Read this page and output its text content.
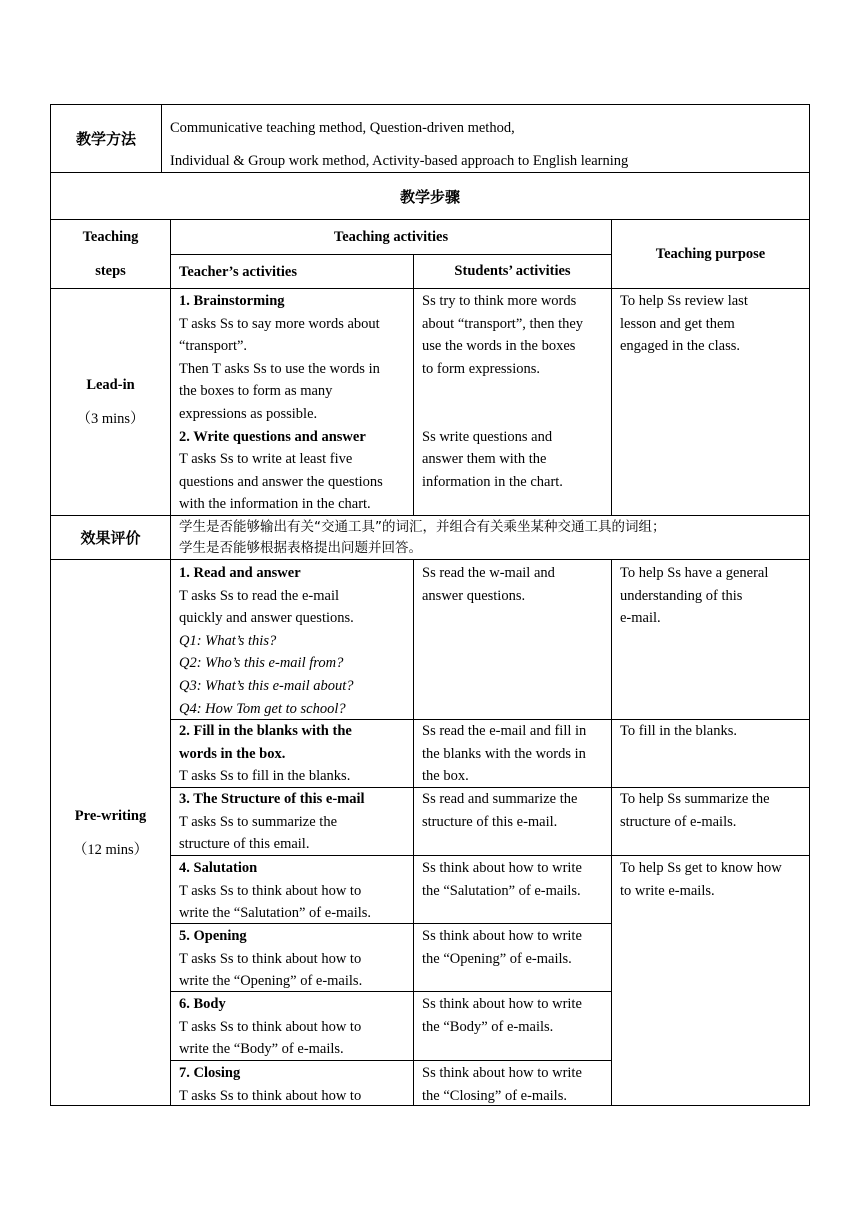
教学方法
Communicative teaching method, Question-driven method,
Individual & Group work method, Activity-based approach to English learning
教学步骤
Teaching
steps
Teaching activities
Teacher’s activities	Students’ activities
Teaching purpose
Lead-in
（3 mins）
1. Brainstorming
T asks Ss to say more words about
“transport”.
Then T asks Ss to use the words in
the boxes to form as many
expressions as possible.
2. Write questions and answer
T asks Ss to write at least five
questions and answer the questions
with the information in the chart.
Ss try to think more words
about “transport”, then they
use the words in the boxes
to form expressions.

Ss write questions and
answer them with the
information in the chart.
To help Ss review last
lesson and get them
engaged in the class.
效果评价
学生是否能够输出有关“交通工具”的词汇，并组合有关乘坐某种交通工具的词组；
学生是否能够根据表格提出问题并回答。
Pre-writing
（12 mins）
1. Read and answer
T asks Ss to read the e-mail
quickly and answer questions.
Q1: What’s this?
Q2: Who’s this e-mail from?
Q3: What’s this e-mail about?
Q4: How Tom get to school?
Ss read the w-mail and
answer questions.
To help Ss have a general
understanding of this
e-mail.
2. Fill in the blanks with the
words in the box.
T asks Ss to fill in the blanks.
Ss read the e-mail and fill in
the blanks with the words in
the box.
To fill in the blanks.
3. The Structure of this e-mail
T asks Ss to summarize the
structure of this email.
Ss read and summarize the
structure of this e-mail.
To help Ss summarize the
structure of e-mails.
4. Salutation
T asks Ss to think about how to
write the “Salutation” of e-mails.
Ss think about how to write
the “Salutation” of e-mails.
To help Ss get to know how
to write e-mails.
5. Opening
T asks Ss to think about how to
write the “Opening” of e-mails.
Ss think about how to write
the “Opening” of e-mails.
6. Body
T asks Ss to think about how to
write the “Body” of e-mails.
Ss think about how to write
the “Body” of e-mails.
7. Closing
T asks Ss to think about how to
Ss think about how to write
the “Closing” of e-mails.
